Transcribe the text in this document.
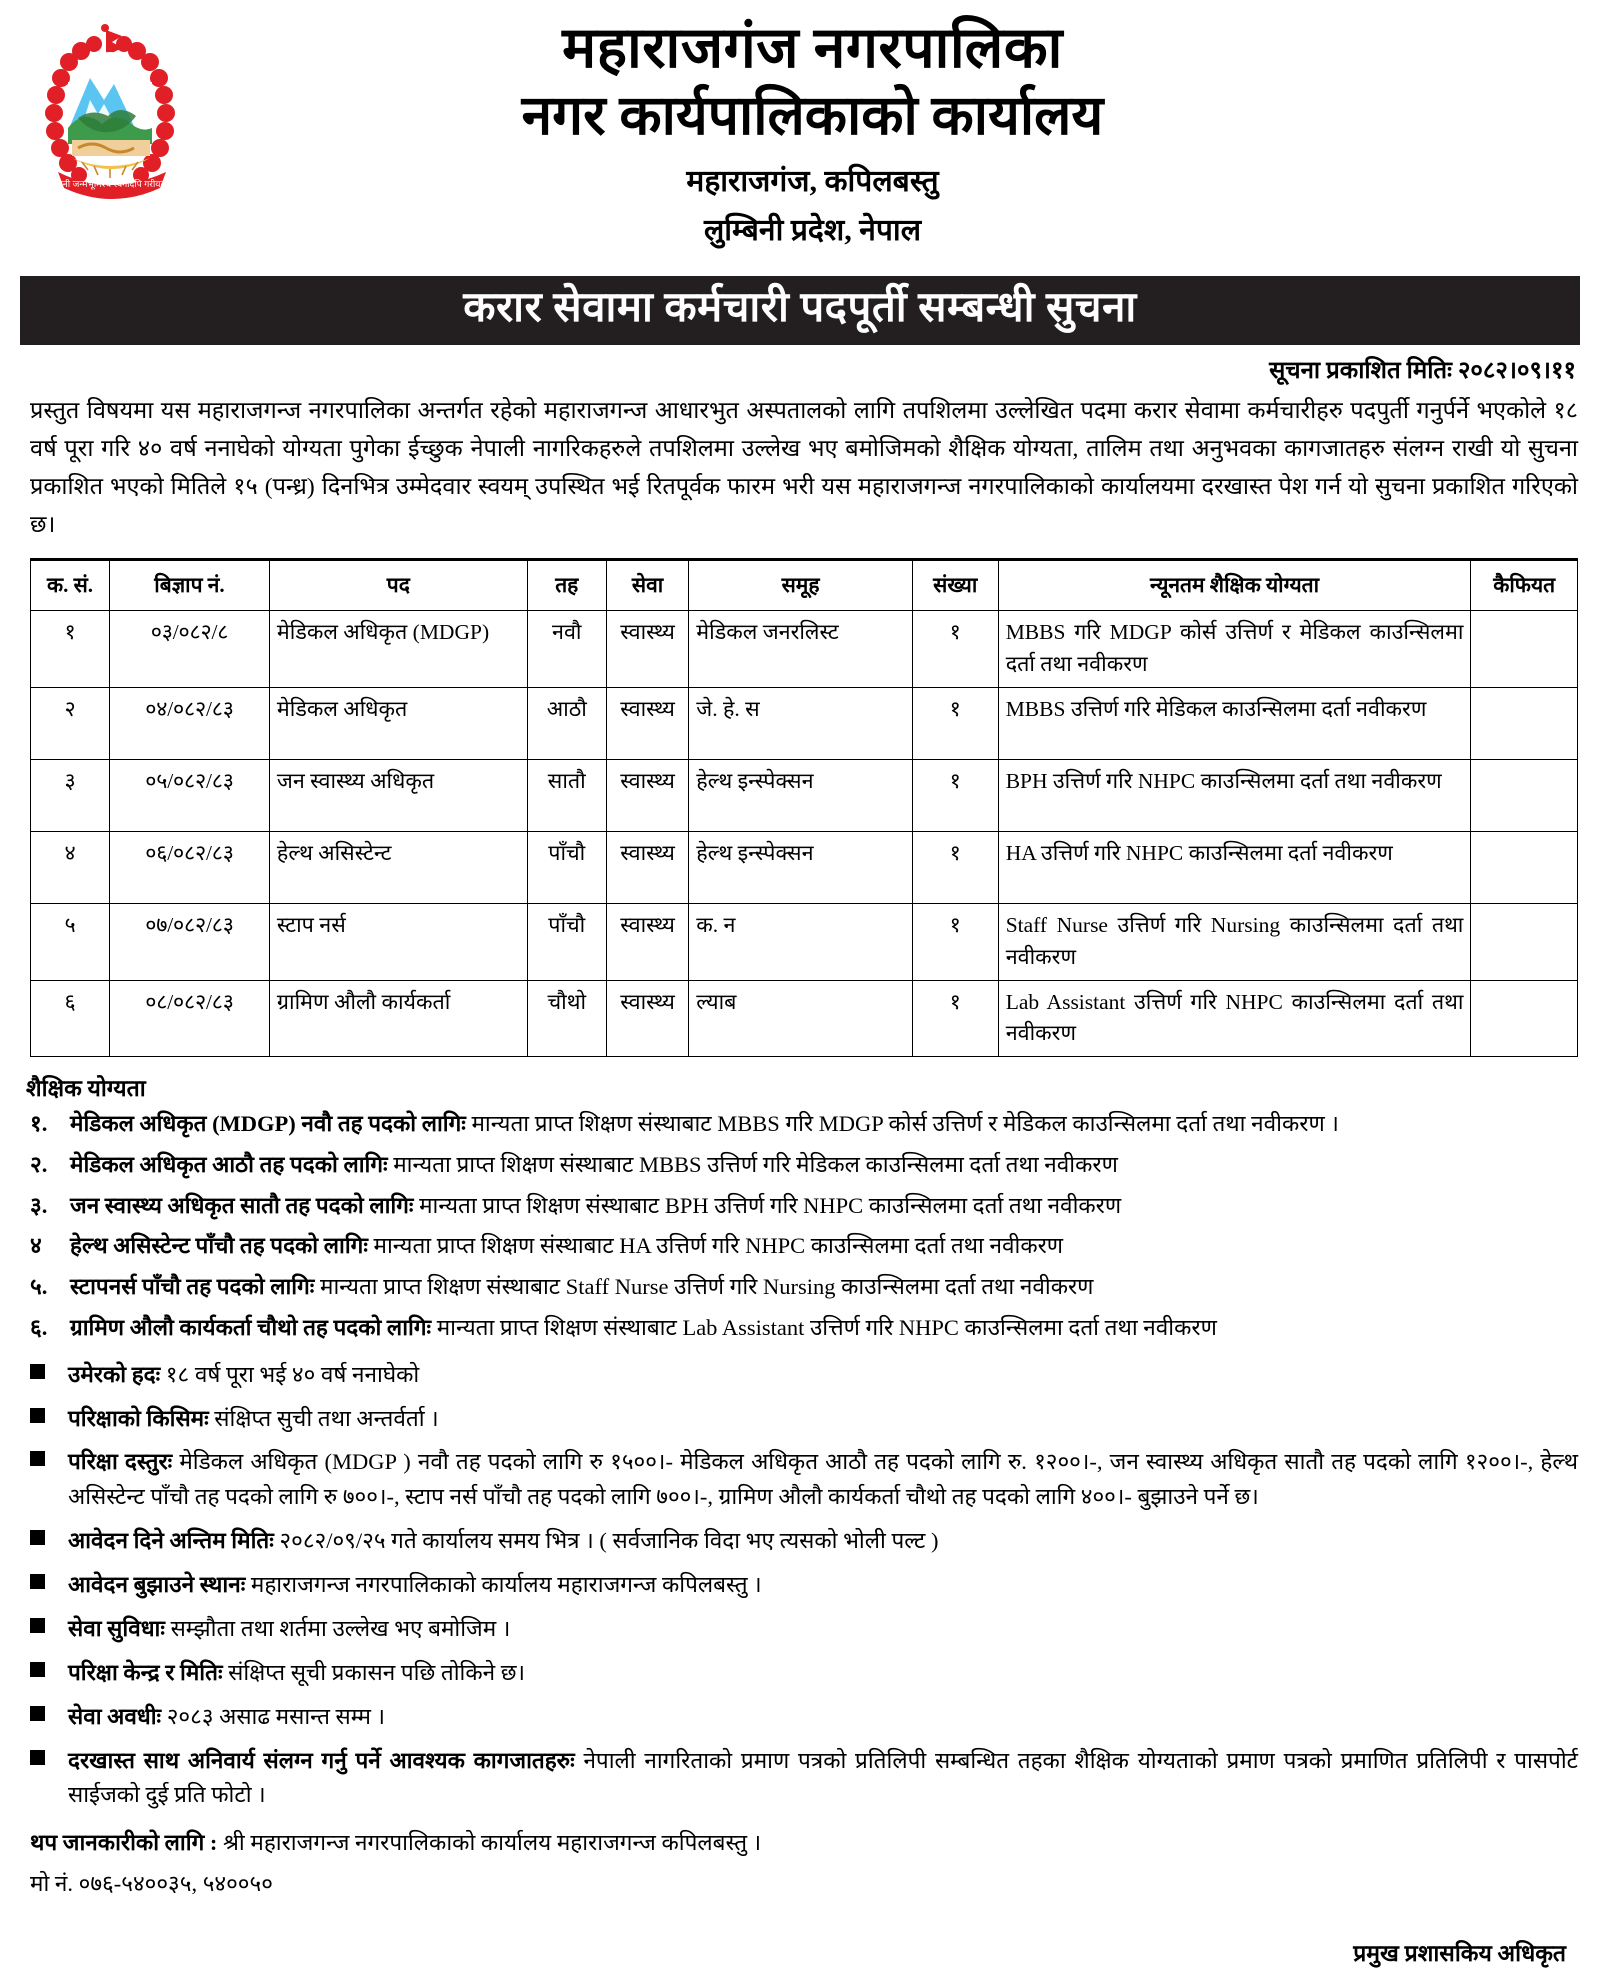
जननी जन्मभूमिश्च स्वर्गादपि गरीयसी
महाराजगंज नगरपालिका
नगर कार्यपालिकाको कार्यालय
महाराजगंज, कपिलबस्तु
लुम्बिनी प्रदेश, नेपाल
करार सेवामा कर्मचारी पदपूर्ती सम्बन्धी सुचना
सूचना प्रकाशित मितिः २०८२।०९।११
प्रस्तुत विषयमा यस महाराजगन्ज नगरपालिका अन्तर्गत रहेको महाराजगन्ज आधारभुत अस्पतालको लागि तपशिलमा उल्लेखित पदमा करार सेवामा कर्मचारीहरु पदपुर्ती गनुर्पर्ने भएकोले १८ वर्ष पूरा गरि ४० वर्ष ननाघेको योग्यता पुगेका ईच्छुक नेपाली नागरिकहरुले तपशिलमा उल्लेख भए बमोजिमको शैक्षिक योग्यता, तालिम तथा अनुभवका कागजातहरु संलग्न राखी यो सुचना प्रकाशित भएको मितिले १५ (पन्ध्र) दिनभित्र उम्मेदवार स्वयम् उपस्थित भई रितपूर्वक फारम भरी यस महाराजगन्ज नगरपालिकाको कार्यालयमा दरखास्त पेश गर्न यो सुचना प्रकाशित गरिएको छ।
क. सं.	बिज्ञाप नं.	पद	तह	सेवा	समूह	संख्या	न्यूनतम शैक्षिक योग्यता	कैफियत
१	०३/०८२/८	मेडिकल अधिकृत (MDGP)	नवौ	स्वास्थ्य	मेडिकल जनरलिस्ट	१	MBBS गरि MDGP कोर्स उत्तिर्ण र मेडिकल काउन्सिलमा दर्ता तथा नवीकरण	
२	०४/०८२/८३	मेडिकल अधिकृत	आठौ	स्वास्थ्य	जे. हे. स	१	MBBS उत्तिर्ण गरि मेडिकल काउन्सिलमा दर्ता नवीकरण	
३	०५/०८२/८३	जन स्वास्थ्य अधिकृत	सातौ	स्वास्थ्य	हेल्थ इन्स्पेक्सन	१	BPH उत्तिर्ण गरि NHPC काउन्सिलमा दर्ता तथा नवीकरण	
४	०६/०८२/८३	हेल्थ असिस्टेन्ट	पाँचौ	स्वास्थ्य	हेल्थ इन्स्पेक्सन	१	HA उत्तिर्ण गरि NHPC काउन्सिलमा दर्ता नवीकरण	
५	०७/०८२/८३	स्टाप नर्स	पाँचौ	स्वास्थ्य	क. न	१	Staff Nurse उत्तिर्ण गरि Nursing काउन्सिलमा दर्ता तथा नवीकरण	
६	०८/०८२/८३	ग्रामिण औलौ कार्यकर्ता	चौथो	स्वास्थ्य	ल्याब	१	Lab Assistant उत्तिर्ण गरि NHPC काउन्सिलमा दर्ता तथा नवीकरण	
शैक्षिक योग्यता
१.	मेडिकल अधिकृत (MDGP) नवौ तह पदको लागिः मान्यता प्राप्त शिक्षण संस्थाबाट MBBS गरि MDGP कोर्स उत्तिर्ण र मेडिकल काउन्सिलमा दर्ता तथा नवीकरण ।
२.	मेडिकल अधिकृत आठौ तह पदको लागिः मान्यता प्राप्त शिक्षण संस्थाबाट MBBS उत्तिर्ण गरि मेडिकल काउन्सिलमा दर्ता तथा नवीकरण
३.	जन स्वास्थ्य अधिकृत सातौ तह पदको लागिः मान्यता प्राप्त शिक्षण संस्थाबाट BPH उत्तिर्ण गरि NHPC काउन्सिलमा दर्ता तथा नवीकरण
४	हेल्थ असिस्टेन्ट पाँचौ तह पदको लागिः मान्यता प्राप्त शिक्षण संस्थाबाट HA उत्तिर्ण गरि NHPC काउन्सिलमा दर्ता तथा नवीकरण
५.	स्टापनर्स पाँचौ तह पदको लागिः मान्यता प्राप्त शिक्षण संस्थाबाट Staff Nurse उत्तिर्ण गरि Nursing काउन्सिलमा दर्ता तथा नवीकरण
६.	ग्रामिण औलौ कार्यकर्ता चौथो तह पदको लागिः मान्यता प्राप्त शिक्षण संस्थाबाट Lab Assistant उत्तिर्ण गरि NHPC काउन्सिलमा दर्ता तथा नवीकरण
उमेरको हदः १८ वर्ष पूरा भई ४० वर्ष ननाघेको
परिक्षाको किसिमः संक्षिप्त सुची तथा अन्तर्वर्ता ।
परिक्षा दस्तुरः मेडिकल अधिकृत (MDGP ) नवौ तह पदको लागि रु १५००।- मेडिकल अधिकृत आठौ तह पदको लागि रु. १२००।-, जन स्वास्थ्य अधिकृत सातौ तह पदको लागि १२००।-, हेल्थ असिस्टेन्ट पाँचौ तह पदको लागि रु ७००।-, स्टाप नर्स पाँचौ तह पदको लागि ७००।-, ग्रामिण औलौ कार्यकर्ता चौथो तह पदको लागि ४००।- बुझाउने पर्ने छ।
आवेदन दिने अन्तिम मितिः २०८२/०९/२५ गते कार्यालय समय भित्र । ( सर्वजानिक विदा भए त्यसको भोली पल्ट )
आवेदन बुझाउने स्थानः महाराजगन्ज नगरपालिकाको कार्यालय महाराजगन्ज कपिलबस्तु ।
सेवा सुविधाः सम्झौता तथा शर्तमा उल्लेख भए बमोजिम ।
परिक्षा केन्द्र र मितिः संक्षिप्त सूची प्रकासन पछि तोकिने छ।
सेवा अवधीः २०८३ असाढ मसान्त सम्म ।
दरखास्त साथ अनिवार्य संलग्न गर्नु पर्ने आवश्यक कागजातहरुः नेपाली नागरिताको प्रमाण पत्रको प्रतिलिपी सम्बन्धित तहका शैक्षिक योग्यताको प्रमाण पत्रको प्रमाणित प्रतिलिपी र पासपोर्ट साईजको दुई प्रति फोटो ।
थप जानकारीको लागि : श्री महाराजगन्ज नगरपालिकाको कार्यालय महाराजगन्ज कपिलबस्तु ।
मो नं. ०७६-५४००३५, ५४००५०
प्रमुख प्रशासकिय अधिकृत
